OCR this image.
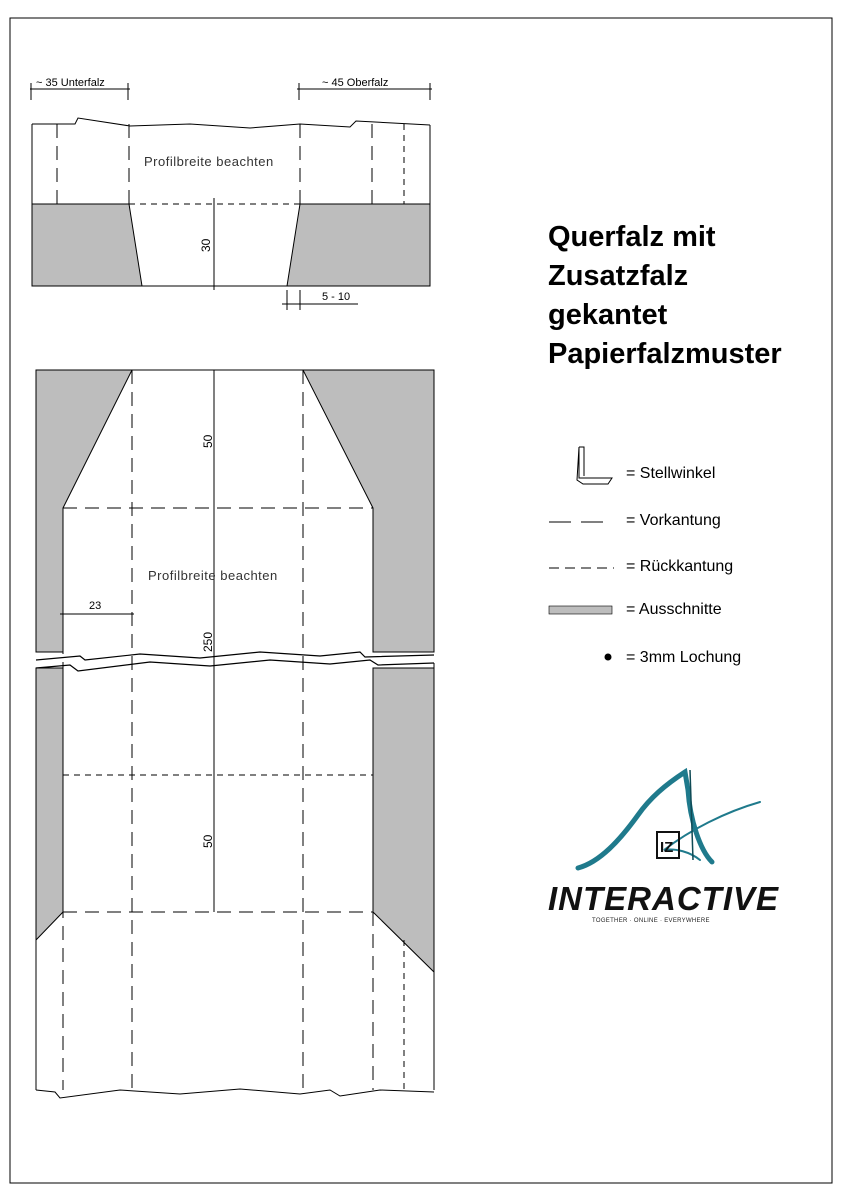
~ 35 Unterfalz	~ 45 Oberfalz
Profilbreite beachten
30
5 - 10
50
250
50
23
Profilbreite beachten
IZ
Querfalz mit
Zusatzfalz
gekantet
Papierfalzmuster
= Stellwinkel
= Vorkantung
= Rückkantung
= Ausschnitte
= 3mm Lochung
INTERACTIVE
TOGETHER · ONLINE · EVERYWHERE
